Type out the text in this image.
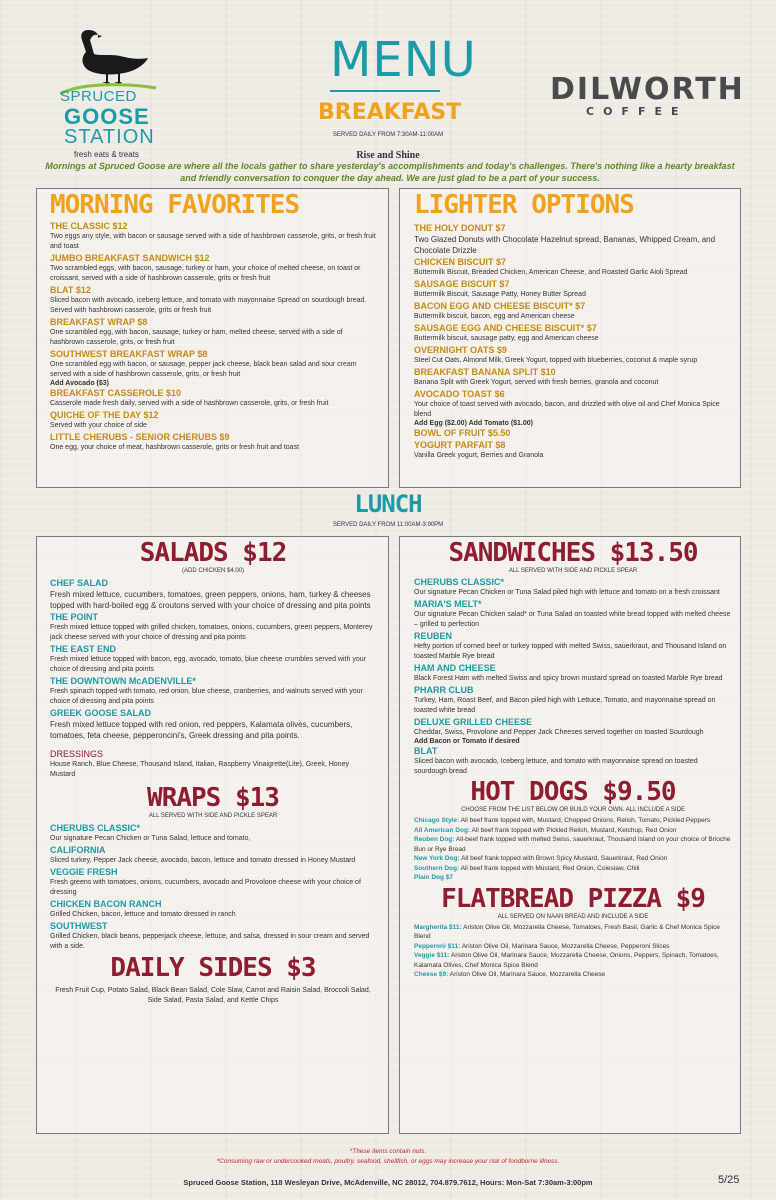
SPRUCED
GOOSE
STATION
fresh eats & treats
MENU
BREAKFAST
SERVED DAILY FROM 7:30AM-11:00AM
Rise and Shine
DILWORTH
COFFEE
Mornings at Spruced Goose are where all the locals gather to share yesterday's accomplishments and today's challenges. There's nothing like a hearty breakfast and friendly conversation to conquer the day ahead. We are just glad to be a part of your success.
MORNING FAVORITES
THE CLASSIC $12
Two eggs any style, with bacon or sausage served with a side of hashbrown casserole, grits, or fresh fruit and toast
JUMBO BREAKFAST SANDWICH $12
Two scrambled eggs, with bacon, sausage, turkey or ham, your choice of melted cheese, on toast or croissant, served with a side of hashbrown casserole, grits or fresh fruit
BLAT $12
Sliced bacon with avocado, iceberg lettuce, and tomato with mayonnaise Spread on sourdough bread. Served with hashbrown casserole, grits or fresh fruit
BREAKFAST WRAP $8
One scrambled egg, with bacon, sausage, turkey or ham, melted cheese, served with a side of hashbrown casserole, grits, or fresh fruit
SOUTHWEST BREAKFAST WRAP $8
One scrambled egg with bacon, or sausage, pepper jack cheese, black bean salad and sour cream served with a side of hashbrown casserole, grits, or fresh fruit
Add Avocado ($3)
BREAKFAST CASSEROLE $10
Casserole made fresh daily, served with a side of hashbrown casserole, grits, or fresh fruit
QUICHE OF THE DAY $12
Served with your choice of side
LITTLE CHERUBS - SENIOR CHERUBS $9
One egg, your choice of meat, hashbrown casserole, grits or fresh fruit and toast
LIGHTER OPTIONS
THE HOLY DONUT $7
Two Glazed Donuts with Chocolate Hazelnut spread, Bananas, Whipped Cream, and Chocolate Drizzle
CHICKEN BISCUIT $7
Buttermilk Biscuit, Breaded Chicken, American Cheese, and Roasted Garlic Aioli Spread
SAUSAGE BISCUIT $7
Buttermilk Biscuit, Sausage Patty, Honey Butter Spread
BACON EGG AND CHEESE BISCUIT* $7
Buttermilk biscuit, bacon, egg and American cheese
SAUSAGE EGG AND CHEESE BISCUIT* $7
Buttermilk biscuit, sausage patty, egg and American cheese
OVERNIGHT OATS $9
Steel Cut Oats, Almond Milk, Greek Yogurt, topped with blueberries, coconut & maple syrup
BREAKFAST BANANA SPLIT $10
Banana Split with Greek Yogurt, served with fresh berries, granola and coconut
AVOCADO TOAST $6
Your choice of toast served with avocado, bacon, and drizzled with olive oil and Chef Monica Spice blend
Add Egg ($2.00) Add Tomato ($1.00)
BOWL OF FRUIT $5.50
YOGURT PARFAIT $8
Vanilla Greek yogurt, Berries and Granola
LUNCH
SERVED DAILY FROM 11:00AM-3:00PM
SALADS $12
(ADD CHICKEN $4.00)
CHEF SALAD
Fresh mixed lettuce, cucumbers, tomatoes, green peppers, onions, ham, turkey & cheeses topped with hard-boiled egg & croutons served with your choice of dressing and pita points
THE POINT
Fresh mixed lettuce topped with grilled chicken, tomatoes, onions, cucumbers, green peppers, Monterey jack cheese served with your choice of dressing and pita points
THE EAST END
Fresh mixed lettuce topped with bacon, egg, avocado, tomato, blue cheese crumbles served with your choice of dressing and pita points
THE DOWNTOWN McADENVILLE*
Fresh spinach topped with tomato, red onion, blue cheese, cranberries, and walnuts served with your choice of dressing and pita points
GREEK GOOSE SALAD
Fresh mixed lettuce topped with red onion, red peppers, Kalamata olives, cucumbers, tomatoes, feta cheese, pepperoncini's, Greek dressing and pita points.
DRESSINGS
House Ranch, Blue Cheese, Thousand Island, Italian, Raspberry Vinaigrette(Lite), Greek, Honey Mustard
WRAPS $13
ALL SERVED WITH SIDE AND PICKLE SPEAR
CHERUBS CLASSIC*
Our signature Pecan Chicken or Tuna Salad, lettuce and tomato,
CALIFORNIA
Sliced turkey, Pepper Jack cheese, avocado, bacon, lettuce and tomato dressed in Honey Mustard
VEGGIE FRESH
Fresh greens with tomatoes, onions, cucumbers, avocado and Provolone cheese with your choice of dressing
CHICKEN BACON RANCH
Grilled Chicken, bacon, lettuce and tomato dressed in ranch
SOUTHWEST
Grilled Chicken, black beans, pepperjack cheese, lettuce, and salsa, dressed in sour cream and served with a side.
DAILY SIDES $3
Fresh Fruit Cup, Potato Salad, Black Bean Salad, Cole Slaw, Carrot and Raisin Salad, Broccoli Salad, Side Salad, Pasta Salad, and Kettle Chips
SANDWICHES $13.50
ALL SERVED WITH SIDE AND PICKLE SPEAR
CHERUBS CLASSIC*
Our signature Pecan Chicken or Tuna Salad piled high with lettuce and tomato on a fresh croissant
MARIA'S MELT*
Our signature Pecan Chicken salad* or Tuna Salad on toasted white bread topped with melted cheese – grilled to perfection
REUBEN
Hefty portion of corned beef or turkey topped with melted Swiss, sauerkraut, and Thousand Island on toasted Marble Rye bread
HAM AND CHEESE
Black Forest Ham with melted Swiss and spicy brown mustard spread on toasted Marble Rye bread
PHARR CLUB
Turkey, Ham, Roast Beef, and Bacon piled high with Lettuce, Tomato, and mayonnaise spread on toasted white bread
DELUXE GRILLED CHEESE
Cheddar, Swiss, Provolone and Pepper Jack Cheeses served together on toasted Sourdough
Add Bacon or Tomato if desired
BLAT
Sliced bacon with avocado, Iceberg lettuce, and tomato with mayonnaise spread on toasted sourdough bread
HOT DOGS $9.50
CHOOSE FROM THE LIST BELOW OR BUILD YOUR OWN. ALL INCLUDE A SIDE
Chicago Style: All beef frank topped with, Mustard, Chopped Onions, Relish, Tomato, Pickled Peppers
All American Dog: All beef frank topped with Pickled Relish, Mustard, Ketchup, Red Onion
Reuben Dog: All-beef frank topped with melted Swiss, sauerkraut, Thousand Island on your choice of Brioche Bun or Rye Bread
New York Dog: All beef frank topped with Brown Spicy Mustard, Sauerkraut, Red Onion
Southern Dog: All beef frank topped with Mustard, Red Onion, Coleslaw, Chili
Plain Dog $7
FLATBREAD PIZZA $9
ALL SERVED ON NAAN BREAD AND INCLUDE A SIDE
Margherita $11: Ariston Olive Oil, Mozzarella Cheese, Tomatoes, Fresh Basil, Garlic & Chef Monica Spice Blend
Pepperoni $11: Ariston Olive Oil, Marinara Sauce, Mozzarella Cheese, Pepperoni Slices
Veggie $11: Ariston Olive Oil, Marinara Sauce, Mozzarella Cheese, Onions, Peppers, Spinach, Tomatoes, Kalamata Olives, Chef Monica Spice Blend
Cheese $9: Ariston Olive Oil, Marinara Sauce, Mozzarella Cheese
*These items contain nuts.
*Consuming raw or undercooked meats, poultry, seafood, shellfish, or eggs may increase your risk of foodborne illness.
Spruced Goose Station, 118 Wesleyan Drive, McAdenville, NC 28012, 704.879.7612, Hours: Mon-Sat 7:30am-3:00pm	5/25
